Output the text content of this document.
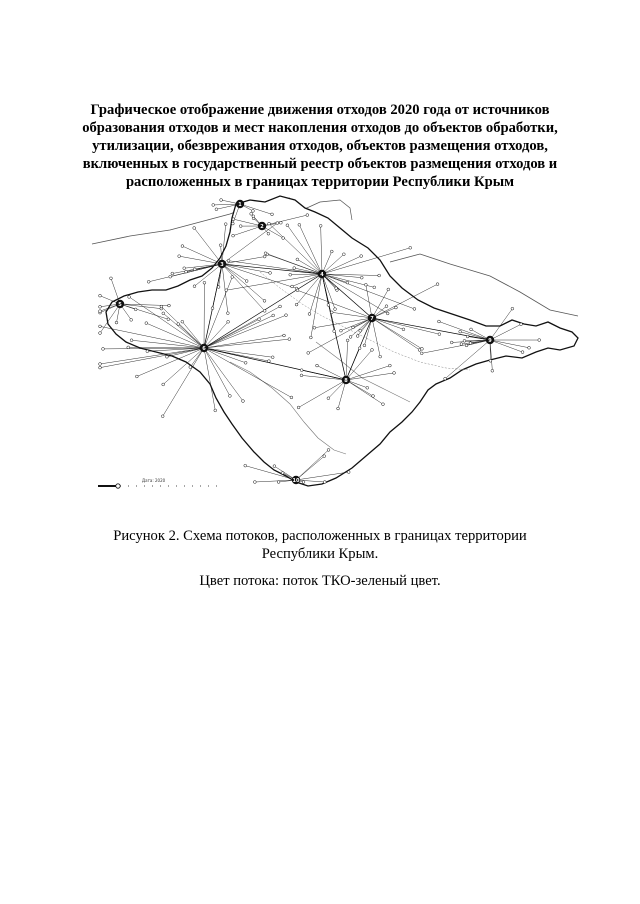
Графическое отображение движения отходов 2020 года от источников
образования отходов и мест накопления отходов до объектов обработки,
утилизации, обезвреживания отходов, объектов размещения отходов,
включенных в государственный реестр объектов размещения отходов и
расположенных в границах территории Республики Крым
Дата: 2020
1
2
3
4
5
6
7
8
9
10

Рисунок 2. Схема потоков, расположенных в границах территории
Республики Крым.

Цвет потока: поток ТКО-зеленый цвет.
